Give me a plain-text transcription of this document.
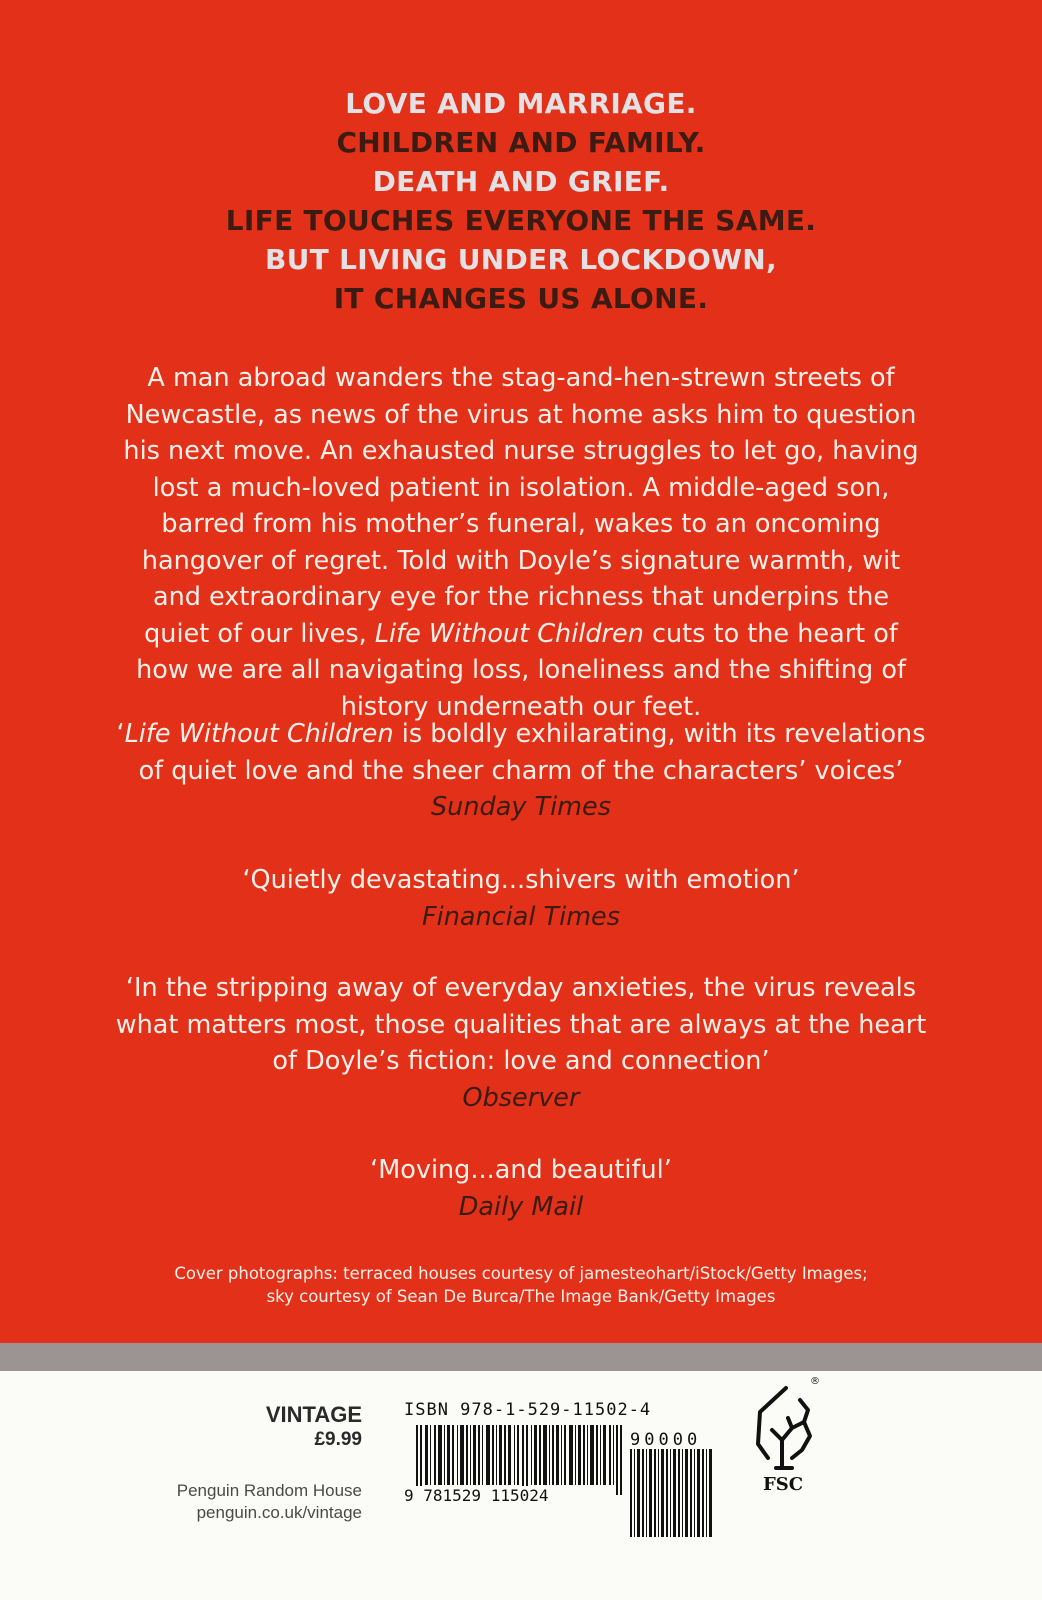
LOVE AND MARRIAGE.
CHILDREN AND FAMILY.
DEATH AND GRIEF.
LIFE TOUCHES EVERYONE THE SAME.
BUT LIVING UNDER LOCKDOWN,
IT CHANGES US ALONE.

A man abroad wanders the stag-and-hen-strewn streets of Newcastle, as news of the virus at home asks him to question his next move. An exhausted nurse struggles to let go, having lost a much-loved patient in isolation. A middle-aged son, barred from his mother’s funeral, wakes to an oncoming hangover of regret. Told with Doyle’s signature warmth, wit and extraordinary eye for the richness that underpins the quiet of our lives, Life Without Children cuts to the heart of how we are all navigating loss, loneliness and the shifting of history underneath our feet.

‘Life Without Children is boldly exhilarating, with its revelations of quiet love and the sheer charm of the characters’ voices’
Sunday Times

‘Quietly devastating...shivers with emotion’
Financial Times

‘In the stripping away of everyday anxieties, the virus reveals what matters most, those qualities that are always at the heart of Doyle’s fiction: love and connection’
Observer

‘Moving...and beautiful’
Daily Mail

Cover photographs: terraced houses courtesy of jamesteohart/iStock/Getty Images;
sky courtesy of Sean De Burca/The Image Bank/Getty Images

VINTAGE
£9.99
Penguin Random House
penguin.co.uk/vintage
ISBN 978-1-529-11502-4
9 781529 115024
90000
®
FSC
